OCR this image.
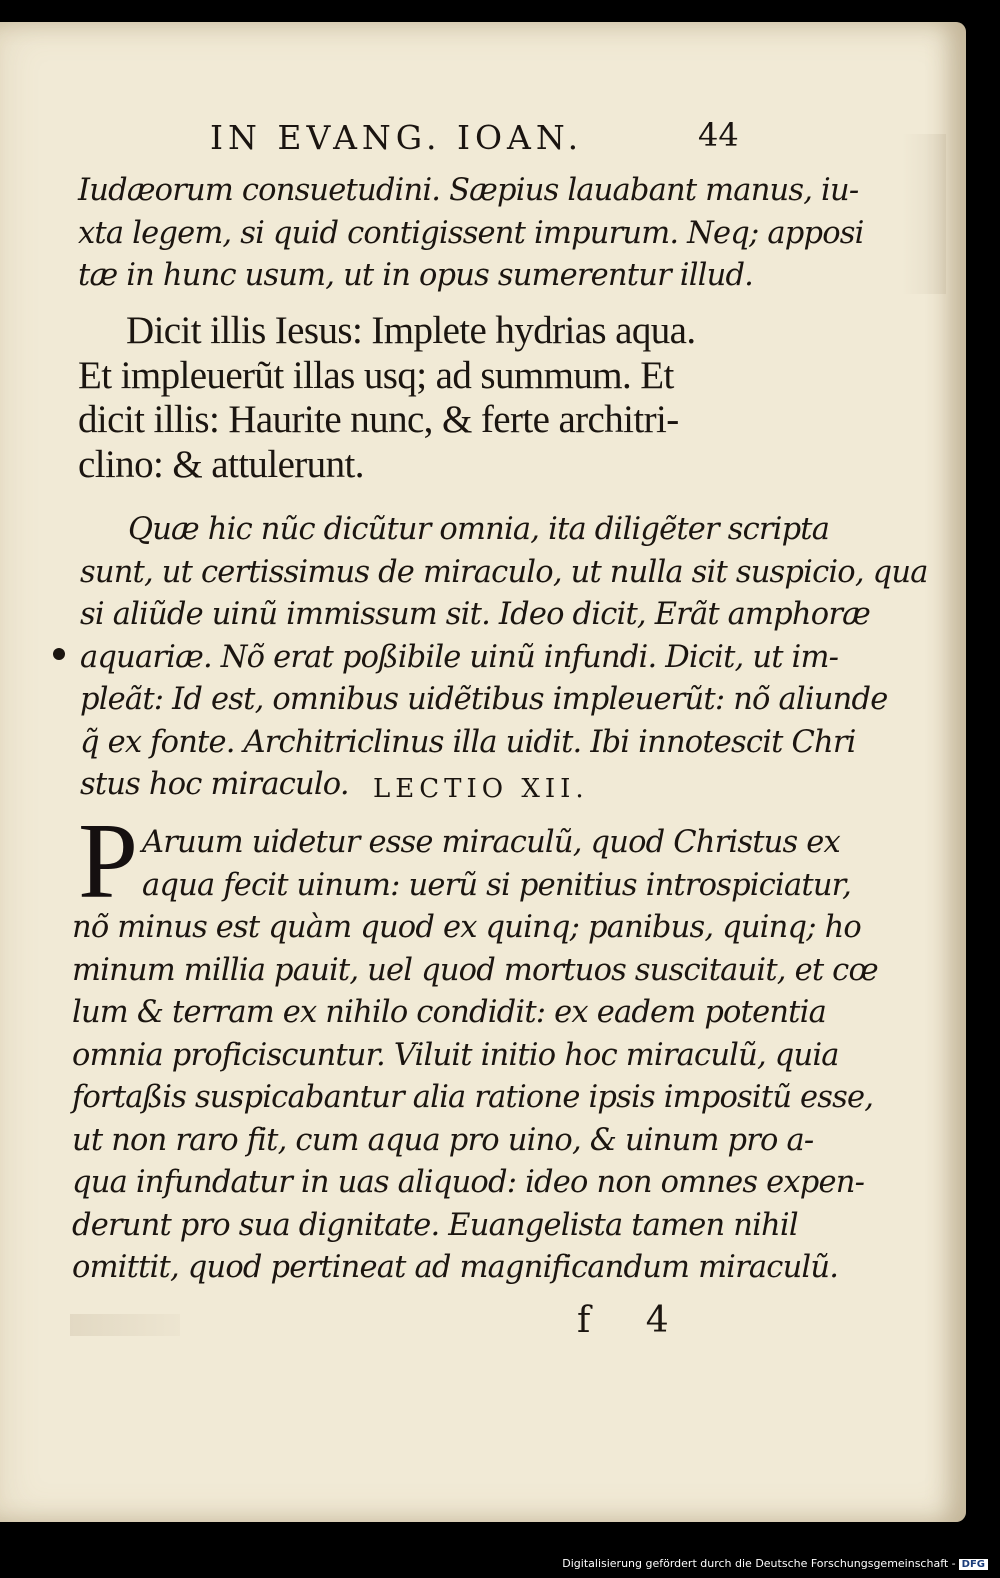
IN EVANG. IOAN.	44
Iudæorum consuetudini. Sæpius lauabant manus, iu-
xta legem, si quid contigissent impurum. Neq; apposi
tæ in hunc usum, ut in opus sumerentur illud.
Dicit illis Iesus: Implete hydrias aqua.
Et impleuerũt illas usq; ad summum. Et
dicit illis: Haurite nunc, & ferte architri-
clino: & attulerunt.
Quæ hic nũc dicũtur omnia, ita diligẽter scripta
sunt, ut certissimus de miraculo, ut nulla sit suspicio, qua
si aliũde uinũ immissum sit. Ideo dicit, Erãt amphoræ
aquariæ. Nõ erat poßibile uinũ infundi. Dicit, ut im-
pleãt: Id est, omnibus uidẽtibus impleuerũt: nõ aliunde
q̃ ex fonte. Architriclinus illa uidit. Ibi innotescit Chri
stus hoc miraculo. LECTIO XII.
P Aruum uidetur esse miraculũ, quod Christus ex
aqua fecit uinum: uerũ si penitius introspiciatur,
nõ minus est quàm quod ex quinq; panibus, quinq; ho
minum millia pauit, uel quod mortuos suscitauit, et cœ
lum & terram ex nihilo condidit: ex eadem potentia
omnia proficiscuntur. Viluit initio hoc miraculũ, quia
fortaßis suspicabantur alia ratione ipsis impositũ esse,
ut non raro fit, cum aqua pro uino, & uinum pro a-
qua infundatur in uas aliquod: ideo non omnes expen-
derunt pro sua dignitate. Euangelista tamen nihil
omittit, quod pertineat ad magnificandum miraculũ.
f 4
Digitalisierung gefördert durch die Deutsche Forschungsgemeinschaft - DFG
